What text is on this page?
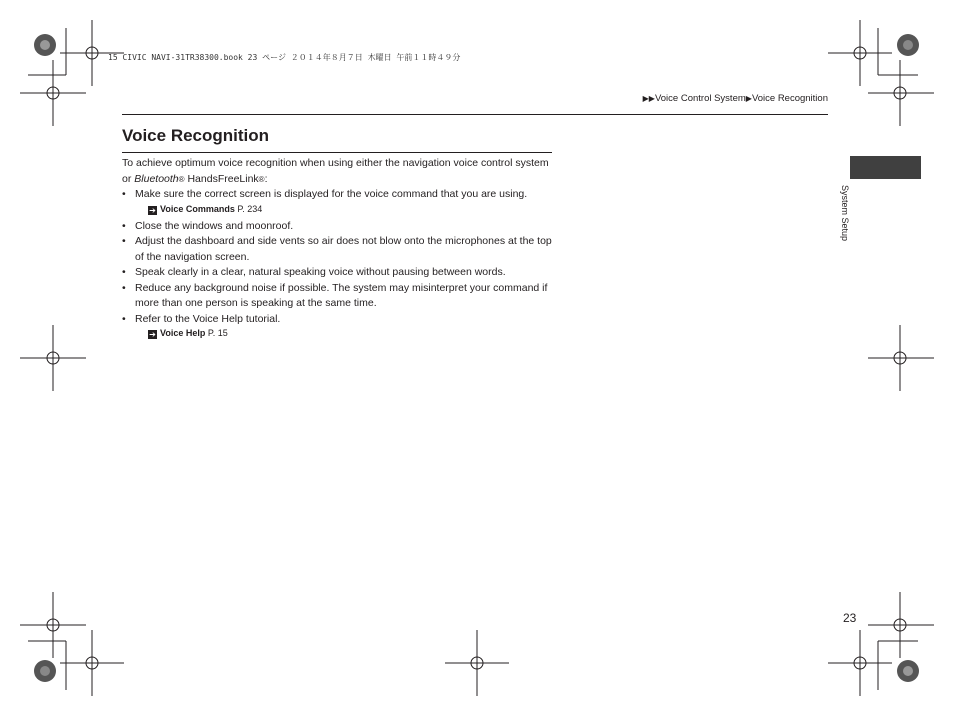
15 CIVIC NAVI-31TR38300.book 23 ページ ２０１４年８月７日 木曜日 午前１１時４９分
▶▶Voice Control System▶Voice Recognition
Voice Recognition

To achieve optimum voice recognition when using either the navigation voice control system or Bluetooth® HandsFreeLink®:

• Make sure the correct screen is displayed for the voice command that you are using.
➔ Voice Commands P. 234
• Close the windows and moonroof.
• Adjust the dashboard and side vents so air does not blow onto the microphones at the top of the navigation screen.
• Speak clearly in a clear, natural speaking voice without pausing between words.
• Reduce any background noise if possible. The system may misinterpret your command if more than one person is speaking at the same time.
• Refer to the Voice Help tutorial.
➔ Voice Help P. 15
System Setup
23
